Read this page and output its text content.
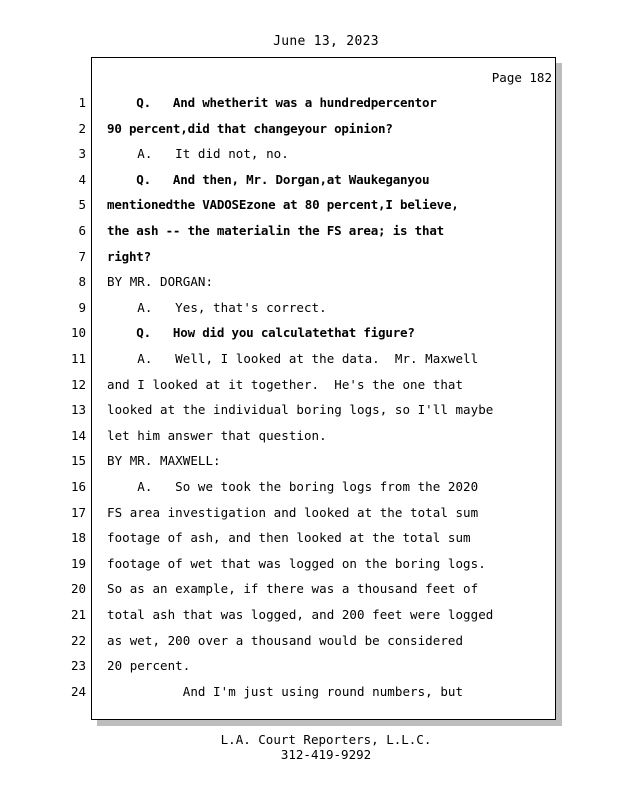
June 13, 2023
Page 182
1 Q.   And whetherit was a hundredpercentor
2 90 percent,did that changeyour opinion?
3 A.   It did not, no.
4 Q.   And then, Mr. Dorgan,at Waukeganyou
5 mentionedthe VADOSEzone at 80 percent,I believe,
6 the ash -- the materialin the FS area; is that
7 right?
8 BY MR. DORGAN:
9 A.   Yes, that's correct.
10 Q.   How did you calculatethat figure?
11 A.   Well, I looked at the data.  Mr. Maxwell
12 and I looked at it together.  He's the one that
13 looked at the individual boring logs, so I'll maybe
14 let him answer that question.
15 BY MR. MAXWELL:
16 A.   So we took the boring logs from the 2020
17 FS area investigation and looked at the total sum
18 footage of ash, and then looked at the total sum
19 footage of wet that was logged on the boring logs.
20 So as an example, if there was a thousand feet of
21 total ash that was logged, and 200 feet were logged
22 as wet, 200 over a thousand would be considered
23 20 percent.
24 And I'm just using round numbers, but
L.A. Court Reporters, L.L.C.
312-419-9292
